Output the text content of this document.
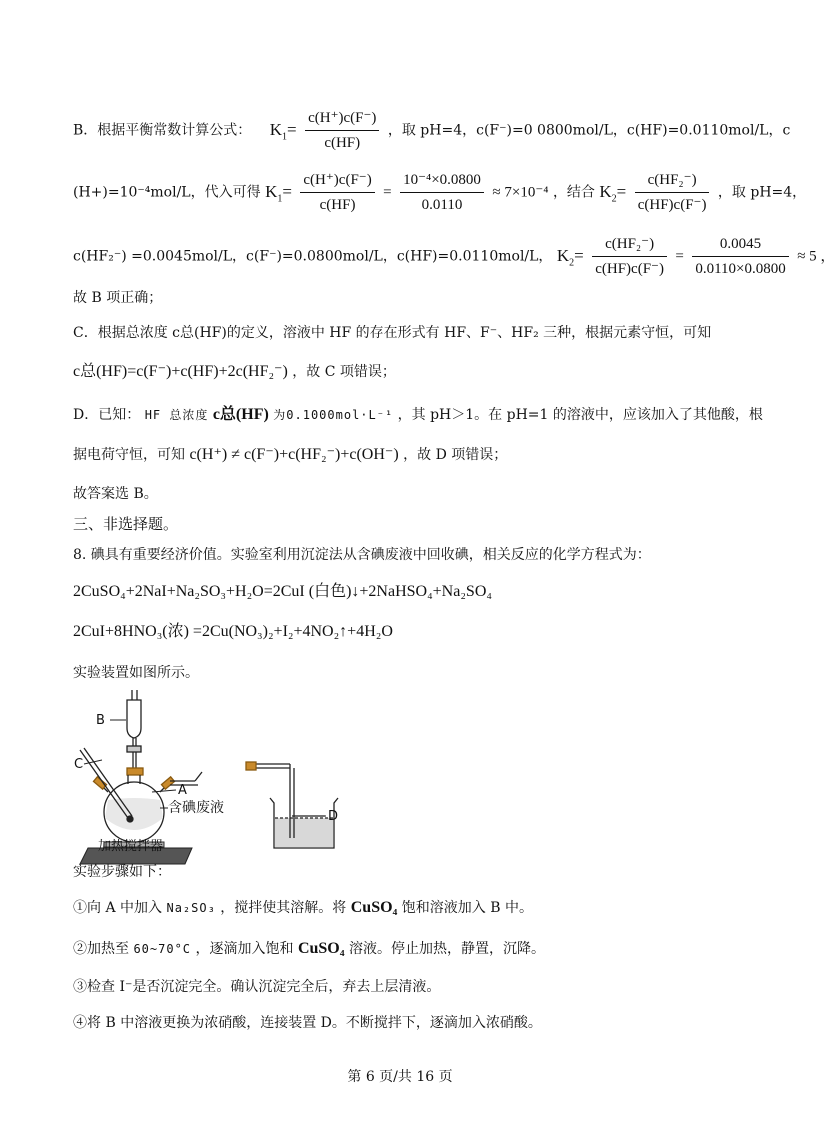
B．根据平衡常数计算公式： $K_1= \frac{c(H^+)c(F^-)}{c(HF)}$ ，取 pH=4，c(F⁻)=0 0800mol/L，c(HF)=0.0110mol/L，c
(H+)=10⁻⁴mol/L，代入可得 $K_1= \frac{c(H^+)c(F^-)}{c(HF)} = \frac{\text{10⁻⁴×0.0800}}{0.0110} \approx 7\times 10^{-4}$ ，结合 $K_2= \frac{\text{c(HF₂⁻)}}{c(HF)c(F^-)}$ ，取 pH=4，
c(HF₂⁻) =0.0045mol/L，c(F⁻)=0.0800mol/L，c(HF)=0.0110mol/L， $K_2= \frac{\text{c(HF₂⁻)}}{c(HF)c(F^-)} = \frac{0.0045}{0.0110\times 0.0800} \approx 5$ ，
故 B 项正确；
C．根据总浓度 c总(HF)的定义，溶液中 HF 的存在形式有 HF、F⁻、HF₂ 三种，根据元素守恒，可知
c总(HF)=c(F⁻)+c(HF)+2c(HF₂⁻) ，故 C 项错误；
D．已知： HF 总浓度 c总(HF) 为0.1000mol·L⁻¹ ，其 pH＞1。在 pH=1 的溶液中，应该加入了其他酸，根
据电荷守恒，可知 c(H⁺) ≠ c(F⁻)+c(HF₂⁻)+c(OH⁻) ，故 D 项错误；
故答案选 B。
三、非选择题。
8. 碘具有重要经济价值。实验室利用沉淀法从含碘废液中回收碘，相关反应的化学方程式为：
2CuSO₄+2NaI+Na₂SO₃+H₂O=2CuI (白色)↓+2NaHSO₄+Na₂SO₄
2CuI+8HNO₃(浓) =2Cu(NO₃)₂+I₂+4NO₂↑+4H₂O
实验装置如图所示。
B
C
A
D
含碘废液
加热搅拌器
实验步骤如下：
①向 A 中加入 Na₂SO₃ ，搅拌使其溶解。将 CuSO₄ 饱和溶液加入 B 中。
②加热至 60~70°C ，逐滴加入饱和 CuSO₄ 溶液。停止加热，静置，沉降。
③检查 I⁻是否沉淀完全。确认沉淀完全后，弃去上层清液。
④将 B 中溶液更换为浓硝酸，连接装置 D。不断搅拌下，逐滴加入浓硝酸。
第 6 页/共 16 页
